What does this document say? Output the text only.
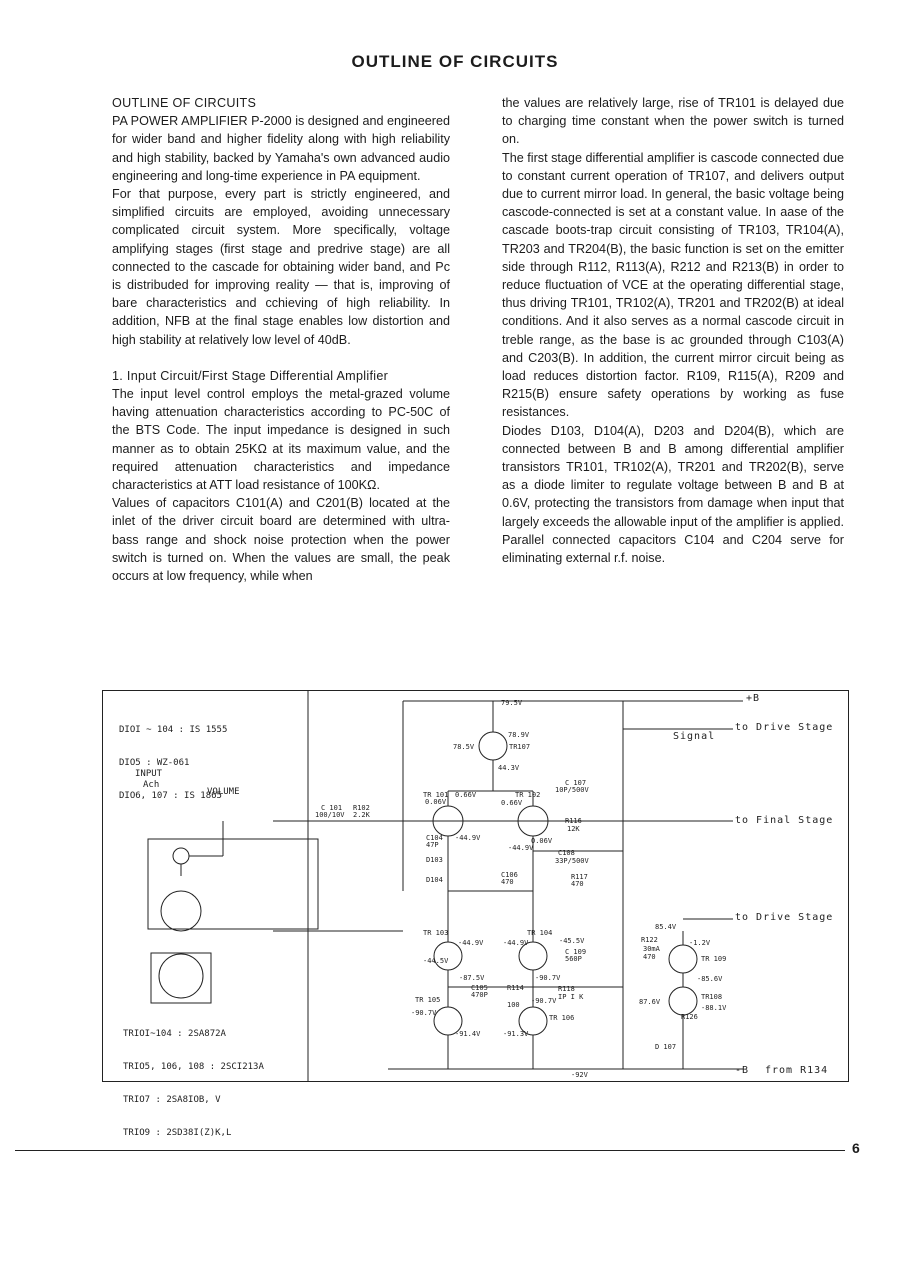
OUTLINE OF CIRCUITS

OUTLINE OF CIRCUITS

PA POWER AMPLIFIER P-2000 is designed and engineered for wider band and higher fidelity along with high reliability and high stability, backed by Yamaha's own advanced audio engineering and long-time experience in PA equipment.

For that purpose, every part is strictly engineered, and simplified circuits are employed, avoiding unnecessary complicated circuit system. More specifically, voltage amplifying stages (first stage and predrive stage) are all connected to the cascade for obtaining wider band, and Pc is distribuded for improving reality — that is, improving of bare characteristics and cchieving of high reliability. In addition, NFB at the final stage enables low distortion and high stability at relatively low level of 40dB.

1. Input Circuit/First Stage Differential Amplifier

The input level control employs the metal-grazed volume having attenuation characteristics according to PC-50C of the BTS Code. The input impedance is designed in such manner as to obtain 25KΩ at its maximum value, and the required attenuation characteristics and impedance characteristics at ATT load resistance of 100KΩ.

Values of capacitors C101(A) and C201(B) located at the inlet of the driver circuit board are determined with ultra-bass range and shock noise protection when the power switch is turned on. When the values are small, the peak occurs at low frequency, while when

the values are relatively large, rise of TR101 is delayed due to charging time constant when the power switch is turned on.

The first stage differential amplifier is cascode connected due to constant current operation of TR107, and delivers output due to current mirror load. In general, the basic voltage being cascode-connected is set at a constant value. In aase of the cascade boots-trap circuit consisting of TR103, TR104(A), TR203 and TR204(B), the basic function is set on the emitter side through R112, R113(A), R212 and R213(B) in order to reduce fluctuation of VCE at the operating differential stage, thus driving TR101, TR102(A), TR201 and TR202(B) at ideal conditions. And it also serves as a normal cascode circuit in treble range, as the base is ac grounded through C103(A) and C203(B). In addition, the current mirror circuit being as load reduces distortion factor. R109, R115(A), R209 and R215(B) ensure safety operations by working as fuse resistances.

Diodes D103, D104(A), D203 and D204(B), which are connected between B and B among differential amplifier transistors TR101, TR102(A), TR201 and TR202(B), serve as a diode limiter to regulate voltage between B and B at 0.6V, protecting the transistors from damage when input that largely exceeds the allowable input of the amplifier is applied. Parallel connected capacitors C104 and C204 serve for eliminating external r.f. noise.

DIOI ~ 104 : IS 1555

DIO5 : WZ-061

DIO6, 107 : IS 1865

INPUT
Ach
VOLUME

TRIOI~104 : 2SA872A

TRIO5, 106, 108 : 2SCI213A

TRIO7 : 2SA8IOB, V

TRIO9 : 2SD38I(Z)K,L

+B
Signal
to Drive Stage
to Final Stage
to Drive Stage
-B from R134
TR 101	TR 102
TR107
TR 103	TR 104
TR 105
TR 106
TR 109
TR108
D103
D104
D 107
C 101
100/10V
R102
2.2K
C104
47P
C 107
10P/500V
C108
33P/500V
C106
470
R117
470
R116
12K
C105
470P
R114
100
C 109
560P
R118
IP I K
R122
470
R126
79.5V
78.9V
78.5V
44.3V
0.66V
0.06V	0.66V
0.06V
-44.9V
-44.9V
-44.9V	-44.9V
-44.5V
-45.5V
-87.5V	-90.7V
-90.7V
-90.7V
-91.4V	-91.3V
-92V
85.4V
-1.2V
-85.6V
87.6V
-88.1V
30mA
6
